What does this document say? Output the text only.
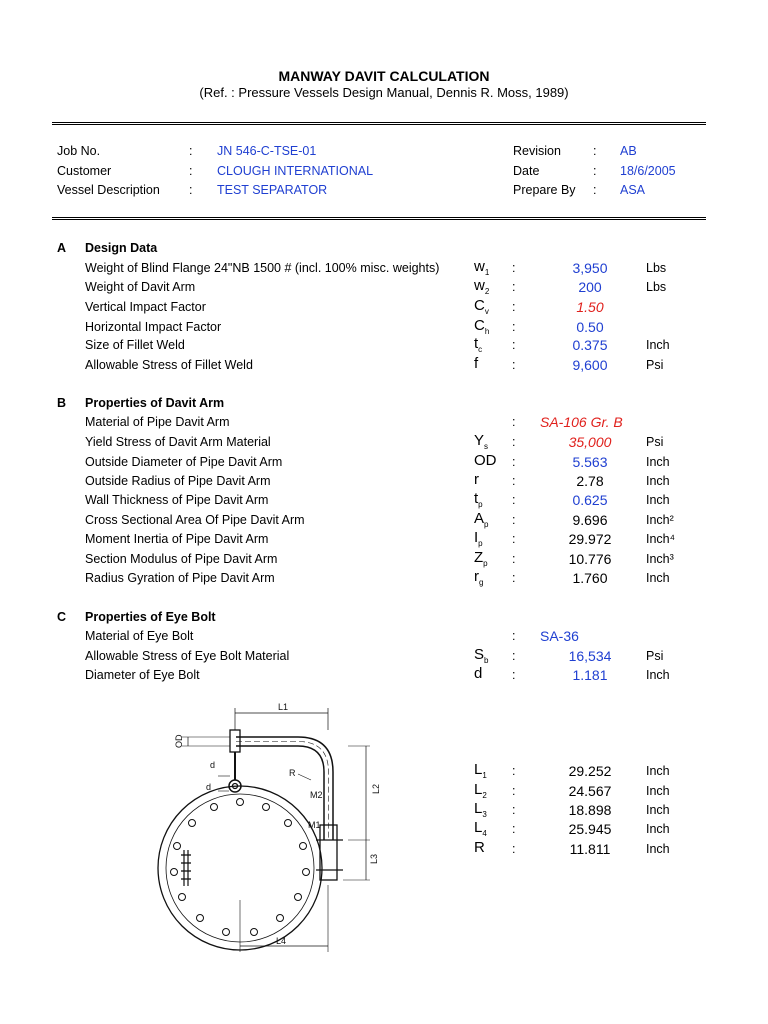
MANWAY DAVIT CALCULATION
(Ref. : Pressure Vessels Design Manual, Dennis R. Moss, 1989)
Job No.	: JN 546-C-TSE-01
Customer	: CLOUGH INTERNATIONAL
Vessel Description : TEST SEPARATOR
Revision	: AB
Date	: 18/6/2005
Prepare By : ASA
A Design Data
B Properties of Davit Arm
C Properties of Eye Bolt
Weight of Blind Flange 24"NB 1500 # (incl. 100% misc. weights) $w_1$ :	3,950	Lbs
Weight of Davit Arm	$w_2$ :	200	Lbs
Vertical Impact Factor	$C_v$ :	1.50
Horizontal Impact Factor	$C_h$ :	0.50
Size of Fillet Weld	$t_c$ :	0.375	Inch
Allowable Stress of Fillet Weld	f	:	9,600	Psi
Material of Pipe Davit Arm	: SA-106 Gr. B
Yield Stress of Davit Arm Material	$Y_s$ :	35,000	Psi
Outside Diameter of Pipe Davit Arm	OD :	5.563	Inch
Outside Radius of Pipe Davit Arm	r	:	2.78	Inch
Wall Thickness of Pipe Davit Arm	$t_p$ :	0.625	Inch
Cross Sectional Area Of Pipe Davit Arm	$A_p$ :	9.696	Inch²
Moment Inertia of Pipe Davit Arm	$I_p$ :	29.972	Inch⁴
Section Modulus of Pipe Davit Arm	$Z_p$ :	10.776	Inch³
Radius Gyration of Pipe Davit Arm	$r_g$ :	1.760	Inch
Material of Eye Bolt	: SA-36
Allowable Stress of Eye Bolt Material	$S_b$ :	16,534	Psi
Diameter of Eye Bolt	d :	1.181	Inch
$L_1$ :	29.252	Inch
$L_2$ :	24.567	Inch
$L_3$ :	18.898	Inch
$L_4$ :	25.945	Inch
R :	11.811	Inch
L1
OD
d
d
R
M2
M1
L2
L3
L4
